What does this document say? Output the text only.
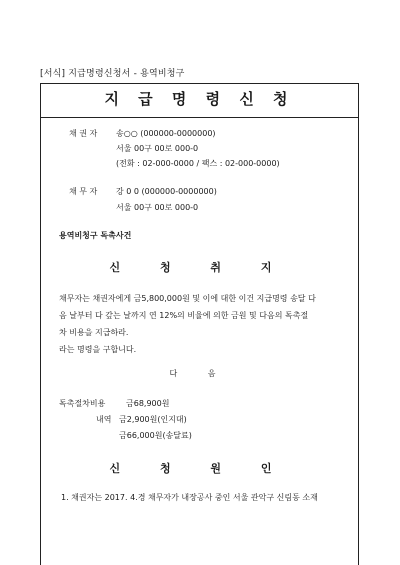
[서식] 지급명령신청서 - 용역비청구
지 급 명 령 신 청
채 권 자 송○○ (000000-0000000)
서울 00구 00로 000-0
(전화 : 02-000-0000 / 팩스 : 02-000-0000)
채 무 자 강 0 0 (000000-0000000)
서울 00구 00로 000-0
용역비청구 독촉사건
신 청 취 지
채무자는 채권자에게 금5,800,000원 및 이에 대한 이건 지급명령 송달 다
음 날부터 다 갚는 날까지 연 12%의 비율에 의한 금원 및 다음의 독촉절
차 비용을 지급하라.
라는 명령을 구합니다.
다 음
독촉절차비용	금68,900원
내역 금2,900원(인지대)
금66,000원(송달료)
신 청 원 인
1. 채권자는 2017. 4.경 채무자가 내장공사 중인 서울 관악구 신림동 소재
